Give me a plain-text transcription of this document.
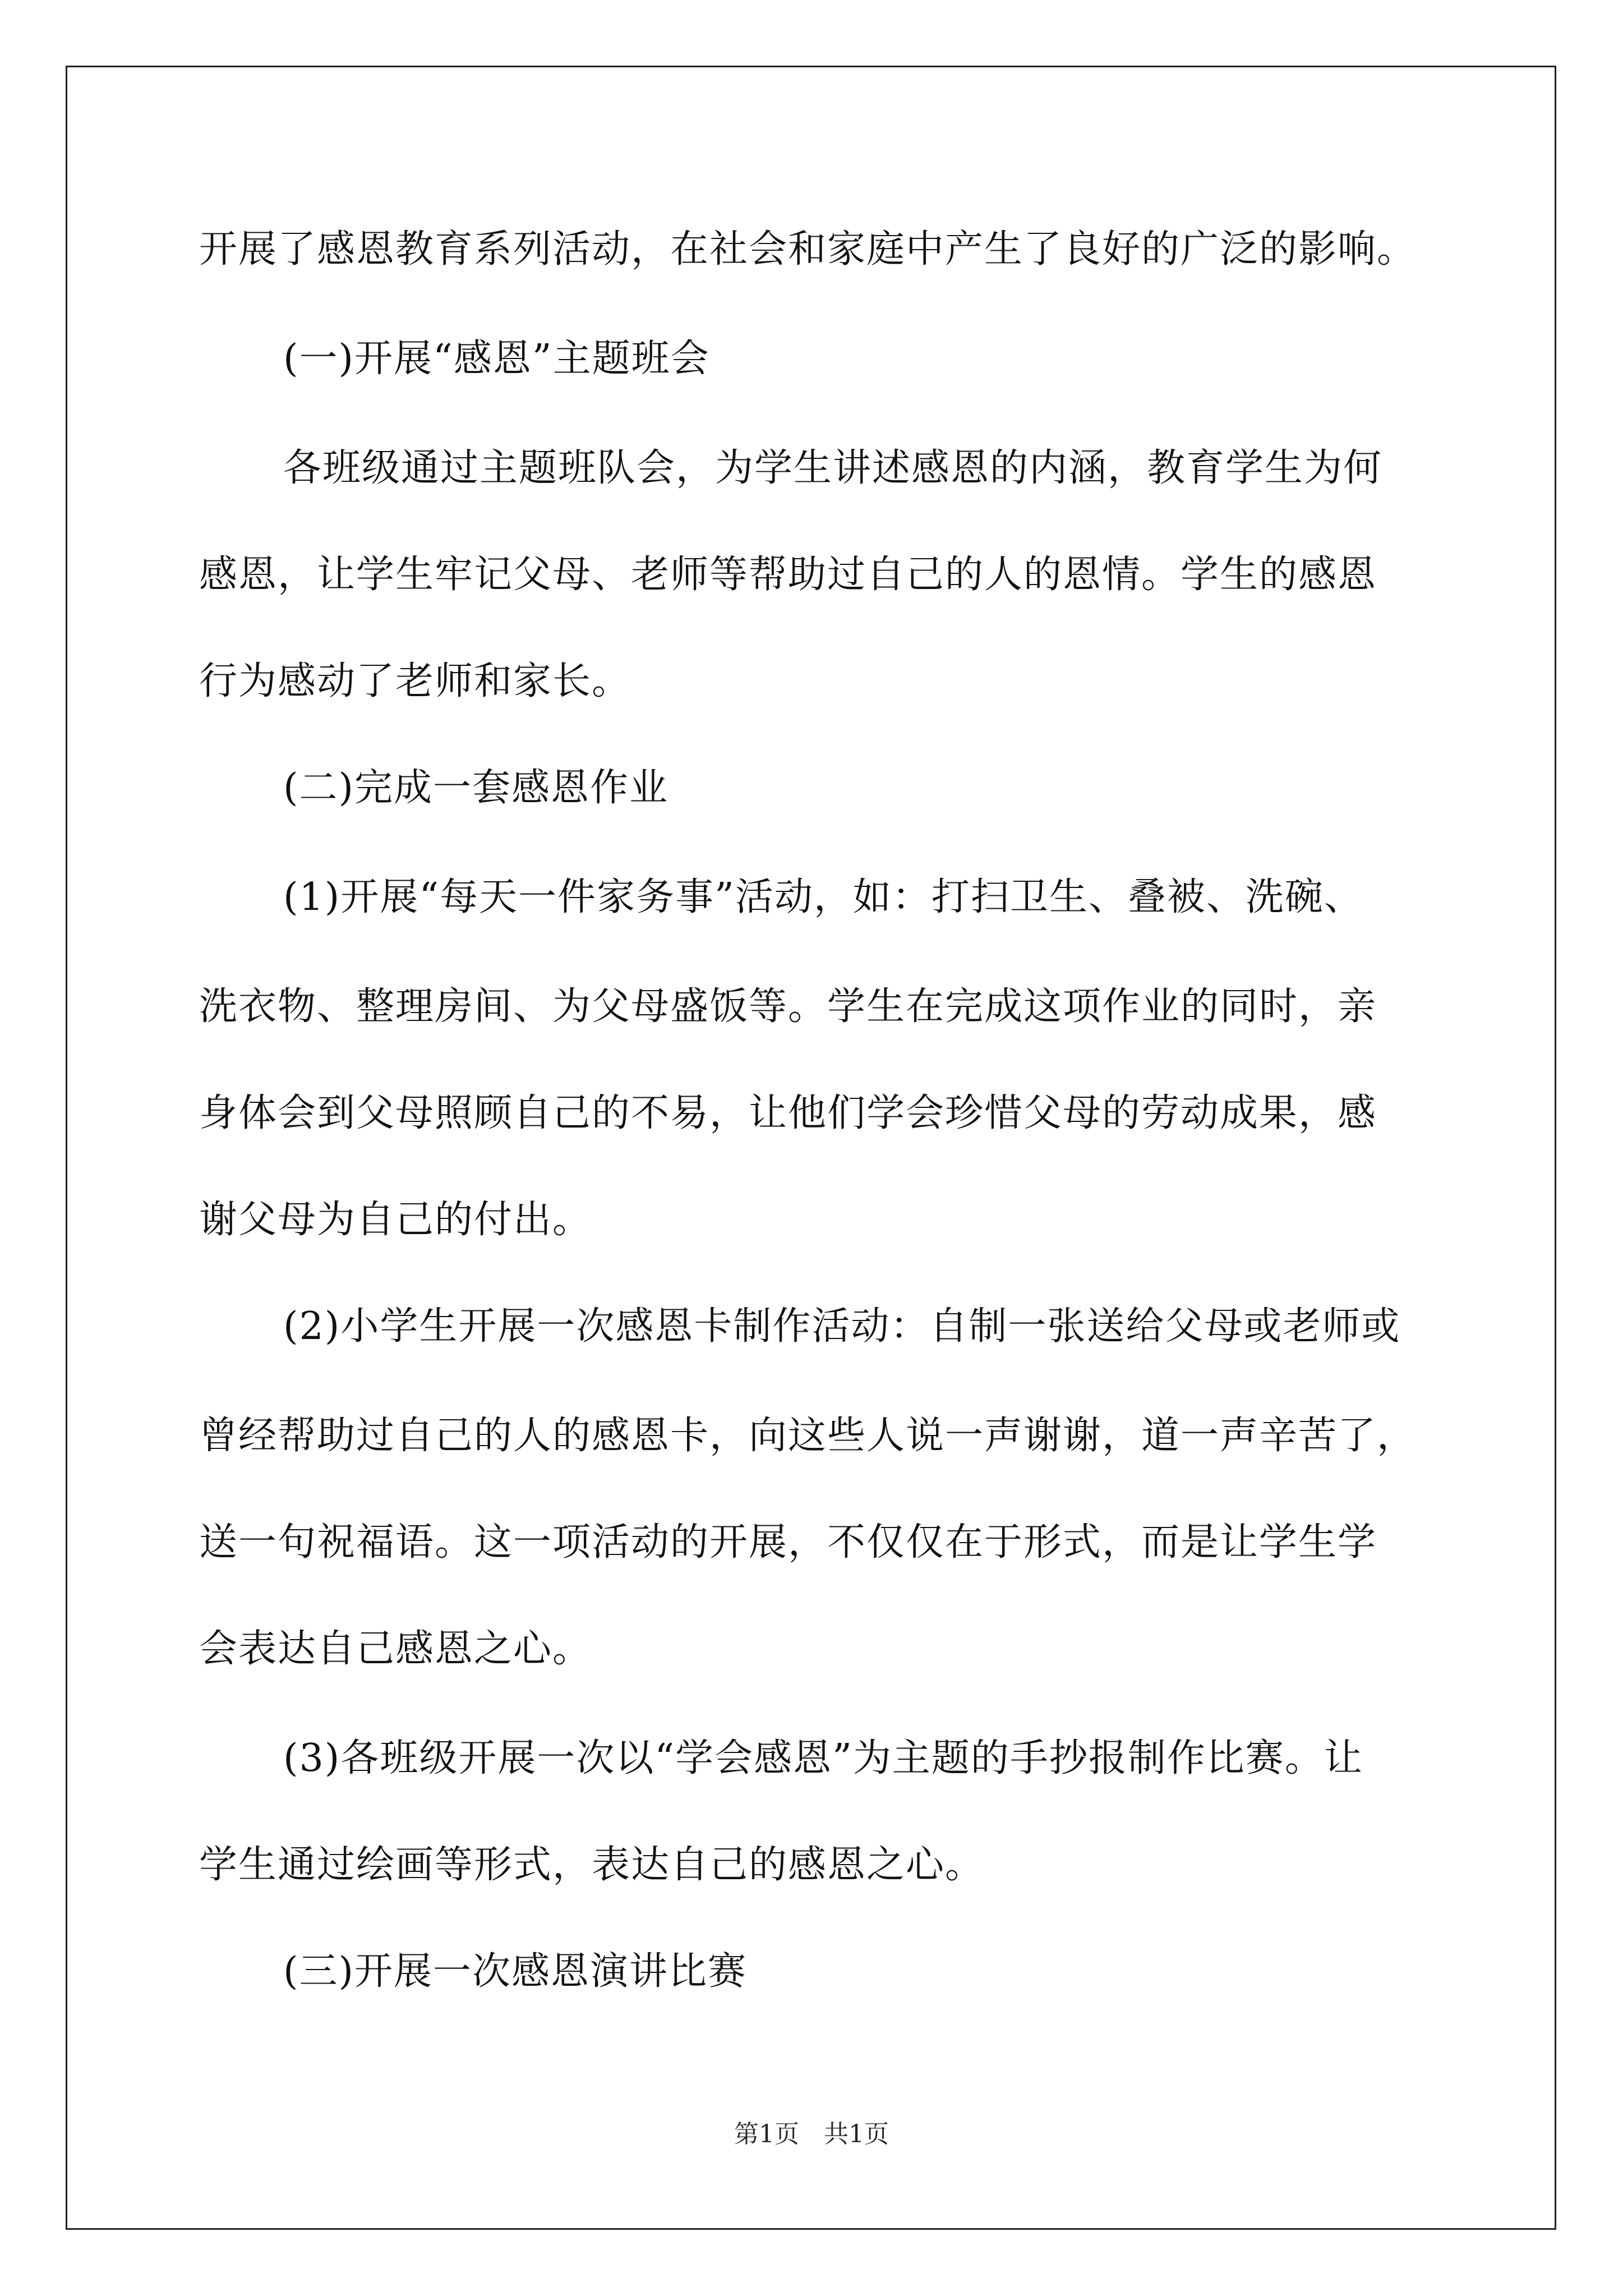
开展了感恩教育系列活动，在社会和家庭中产生了良好的广泛的影响。
(一)开展“感恩”主题班会
各班级通过主题班队会，为学生讲述感恩的内涵，教育学生为何
感恩，让学生牢记父母、老师等帮助过自己的人的恩情。学生的感恩
行为感动了老师和家长。
(二)完成一套感恩作业
(1)开展“每天一件家务事”活动，如：打扫卫生、叠被、洗碗、
洗衣物、整理房间、为父母盛饭等。学生在完成这项作业的同时，亲
身体会到父母照顾自己的不易，让他们学会珍惜父母的劳动成果，感
谢父母为自己的付出。
(2)小学生开展一次感恩卡制作活动：自制一张送给父母或老师或
曾经帮助过自己的人的感恩卡，向这些人说一声谢谢，道一声辛苦了，
送一句祝福语。这一项活动的开展，不仅仅在于形式，而是让学生学
会表达自己感恩之心。
(3)各班级开展一次以“学会感恩”为主题的手抄报制作比赛。让
学生通过绘画等形式，表达自己的感恩之心。
(三)开展一次感恩演讲比赛
第1页　共1页
